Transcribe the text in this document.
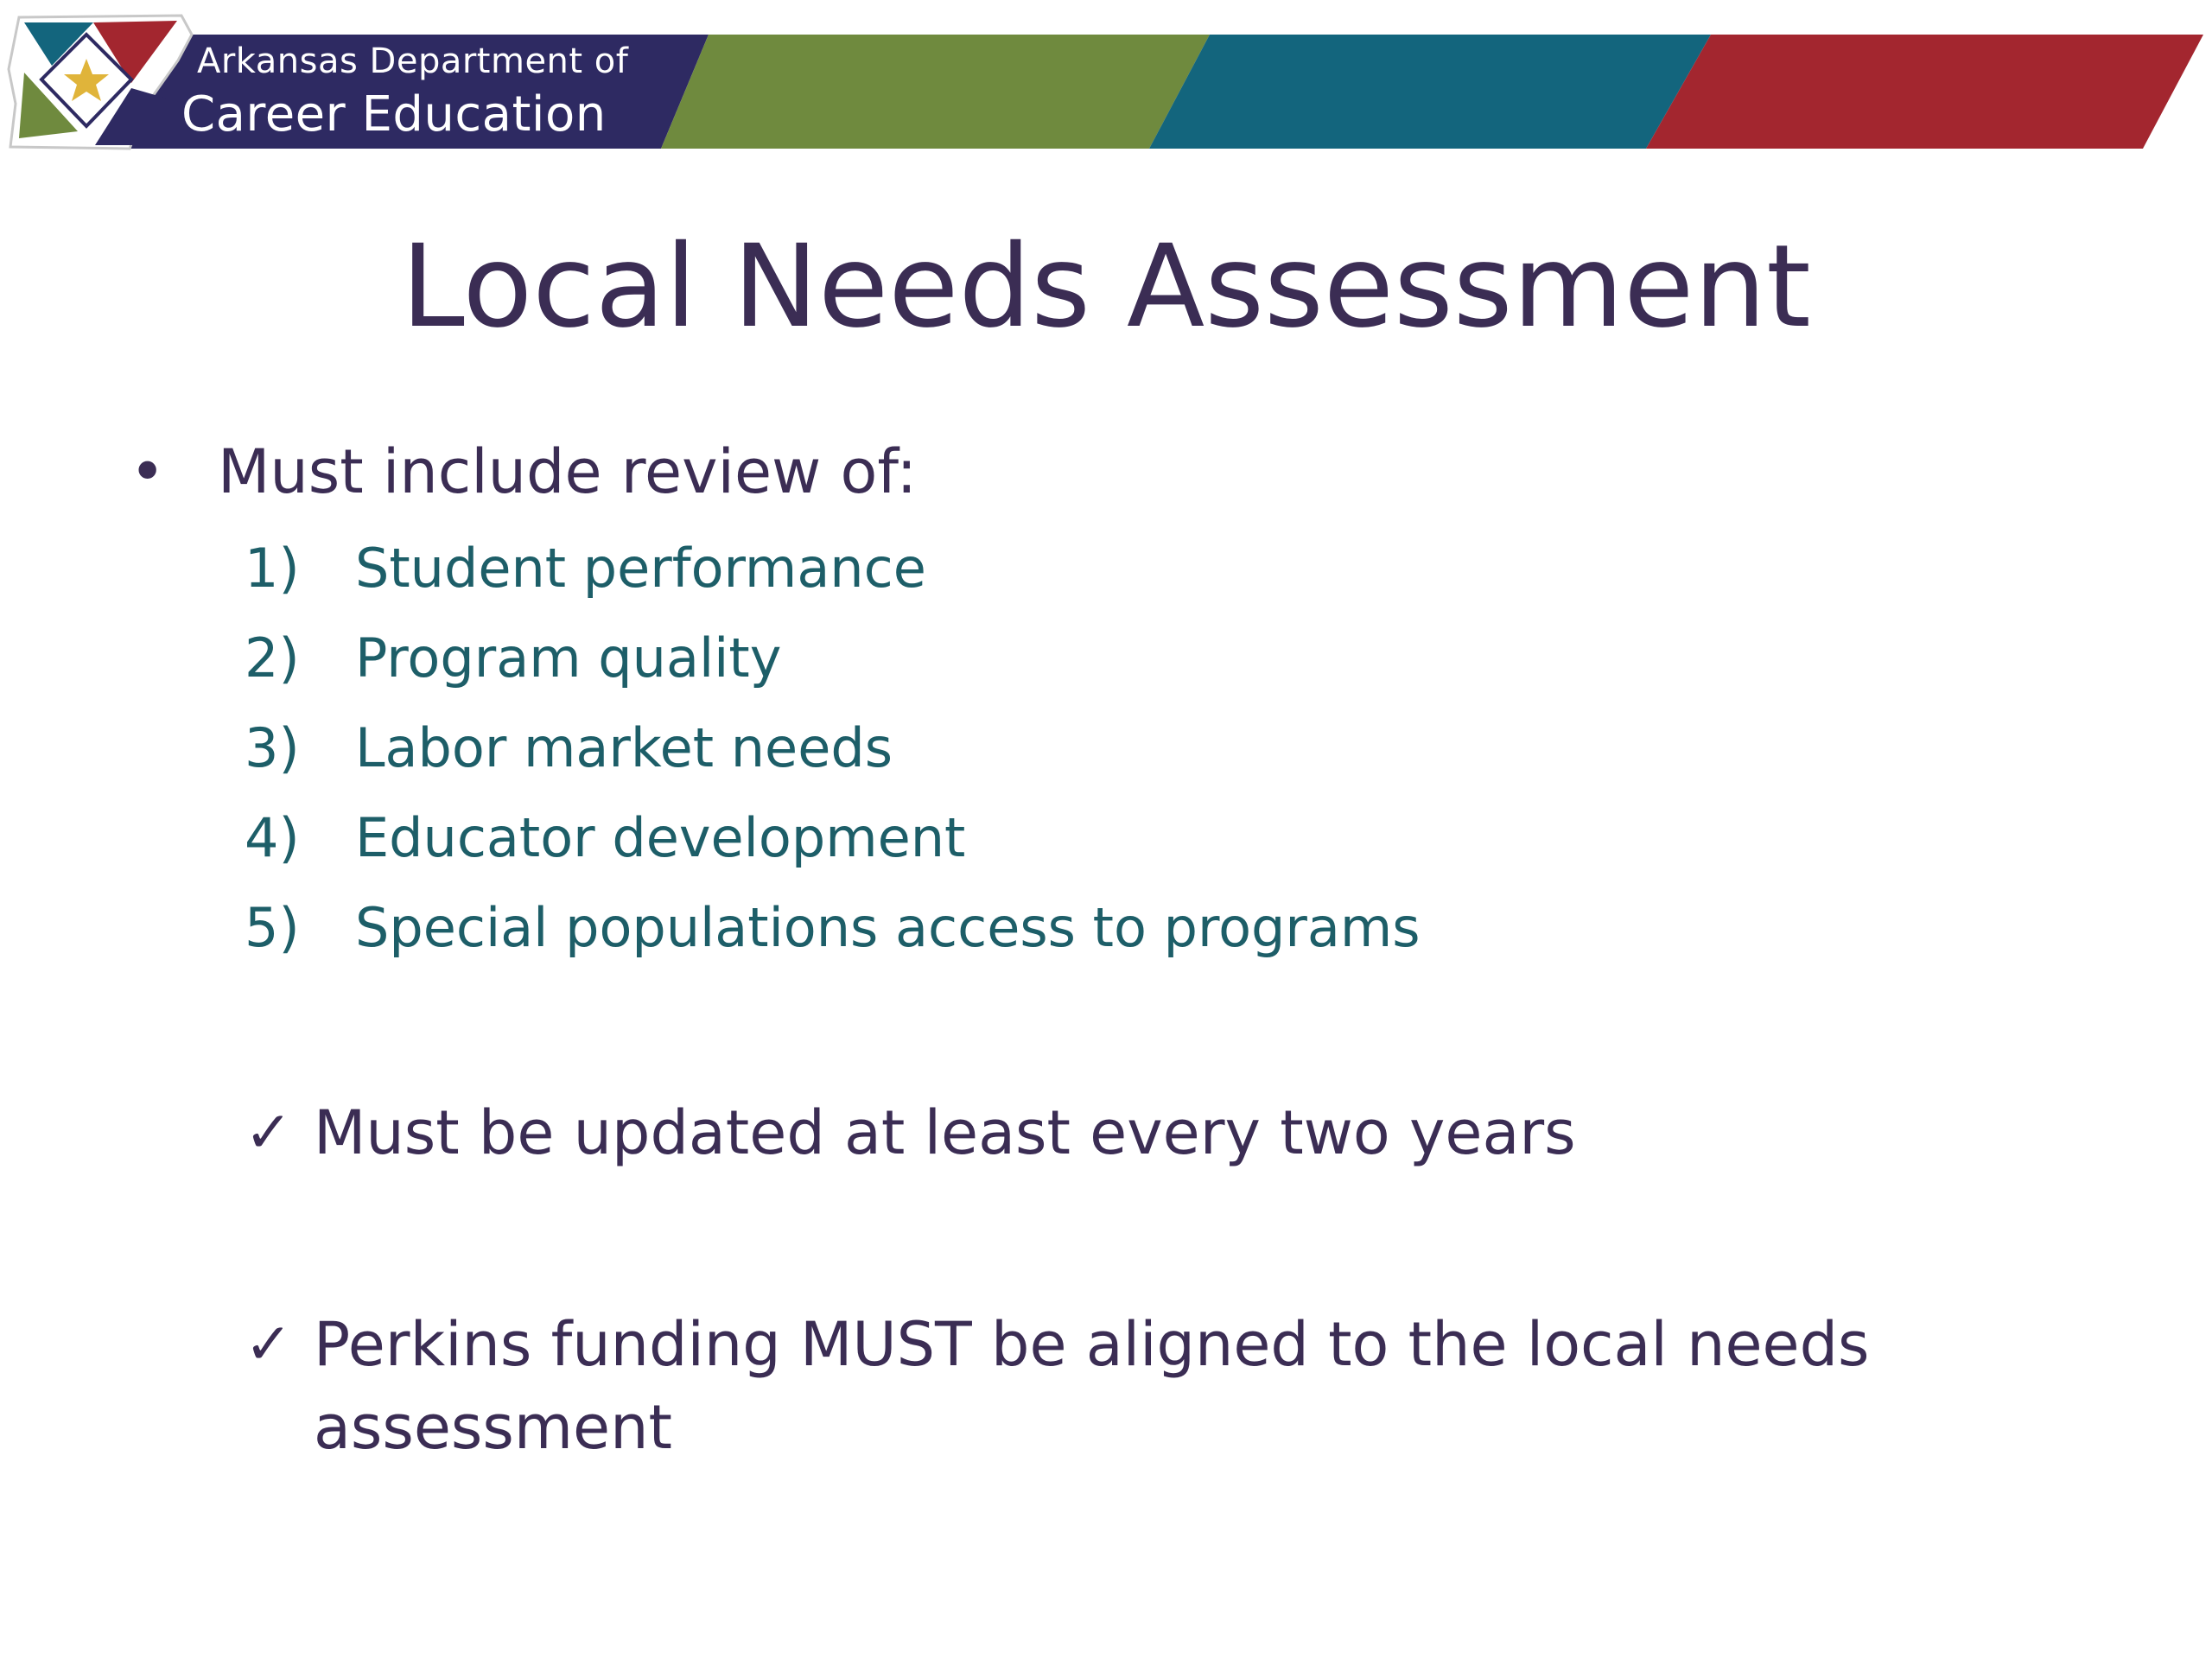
Arkansas Department of
Career Education
Local Needs Assessment
• Must include review of:
1) Student performance
2) Program quality
3) Labor market needs
4) Educator development
5) Special populations access to programs
✓ Must be updated at least every two years
✓ Perkins funding MUST be aligned to the local needs assessment
